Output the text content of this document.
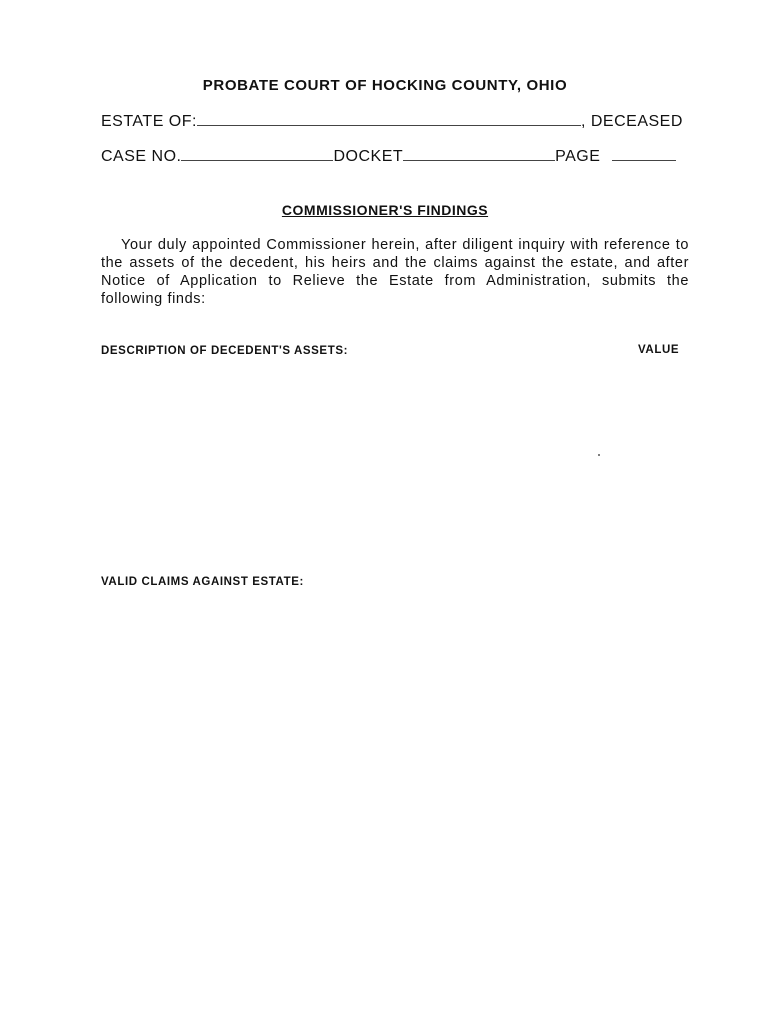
PROBATE COURT OF HOCKING COUNTY, OHIO
ESTATE OF:	, DECEASED
CASE NO.	DOCKET	PAGE
COMMISSIONER'S FINDINGS
Your duly appointed Commissioner herein, after diligent inquiry with reference to the assets of the decedent, his heirs and the claims against the estate, and after Notice of Application to Relieve the Estate from Administration, submits the following finds:
DESCRIPTION OF DECEDENT'S ASSETS:	VALUE
VALID CLAIMS AGAINST ESTATE:
